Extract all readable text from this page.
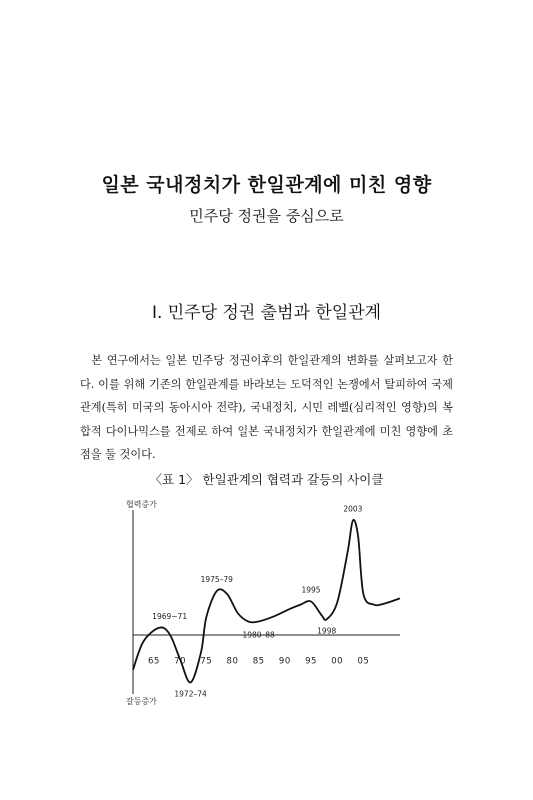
일본 국내정치가 한일관계에 미친 영향
민주당 정권을 중심으로
Ⅰ. 민주당 정권 출범과 한일관계

본 연구에서는 일본 민주당 정권이후의 한일관계의 변화를 살펴보고자 한다. 이를 위해 기존의 한일관계를 바라보는 도덕적인 논쟁에서 탈피하여 국제관계(특히 미국의 동아시아 전략), 국내정치, 시민 레벨(심리적인 영향)의 복합적 다이나믹스를 전제로 하여 일본 국내정치가 한일관계에 미친 영향에 초점을 둘 것이다.

〈표 1〉 한일관계의 협력과 갈등의 사이클
협력증가
갈등증가
65 70 75 80 85 90 95 00 05
1969~71
1972–74
1975–79
1980–88
1995
1998
2003
